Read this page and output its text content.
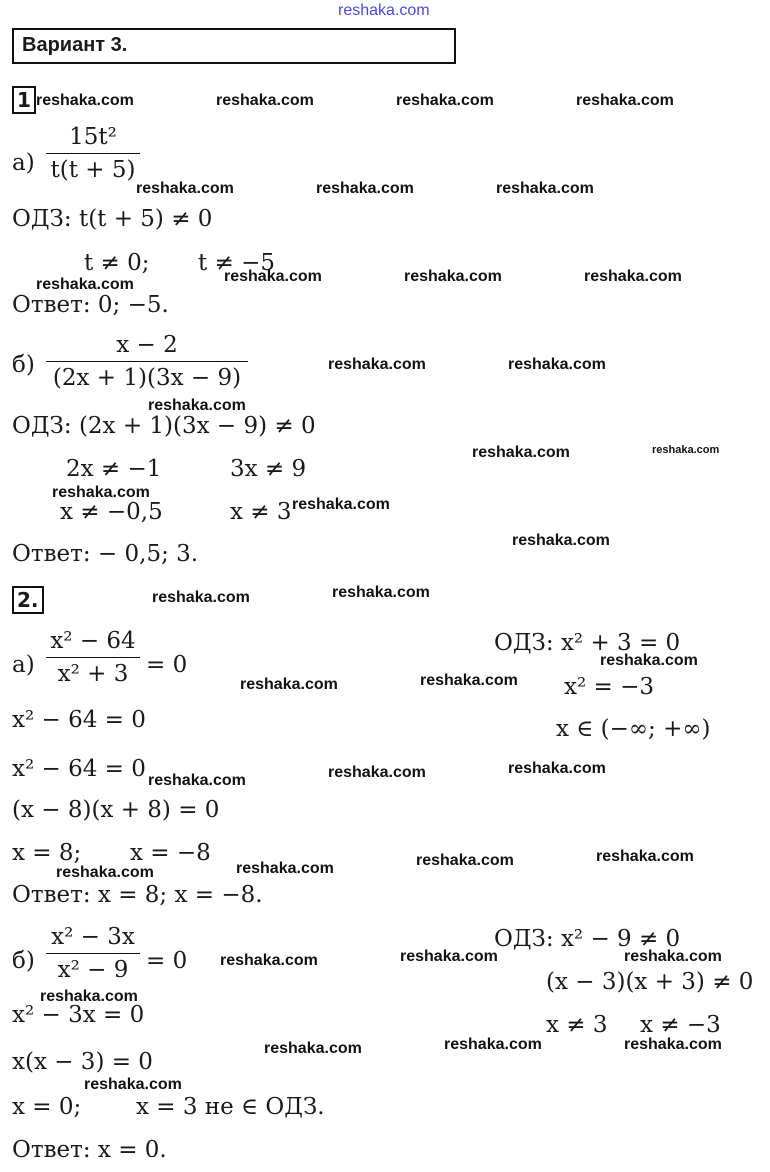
reshaka.com
Вариант 3.
1
а)
15t²
t(t + 5)
ОДЗ: t(t + 5) ≠ 0
t ≠ 0; t ≠ −5
Ответ: 0; −5.
б)
x − 2
(2x + 1)(3x − 9)
ОДЗ: (2x + 1)(3x − 9) ≠ 0
2x ≠ −1	3x ≠ 9
x ≠ −0,5	x ≠ 3
Ответ: − 0,5; 3.
2.
а)
x² − 64
x² + 3 = 0
ОДЗ: x² + 3 = 0
x² = −3
x ∈ (−∞; +∞)
x² − 64 = 0
x² − 64 = 0
(x − 8)(x + 8) = 0
x = 8; x = −8
Ответ: x = 8; x = −8.
б)
x² − 3x
x² − 9 = 0
ОДЗ: x² − 9 ≠ 0
(x − 3)(x + 3) ≠ 0
x ≠ 3 x ≠ −3
x² − 3x = 0
x(x − 3) = 0
x = 0; x = 3 не ∈ ОДЗ.
Ответ: x = 0.
reshaka.com	reshaka.com	reshaka.com	reshaka.com
reshaka.com	reshaka.com	reshaka.com
reshaka.com	reshaka.com	reshaka.com
reshaka.com
reshaka.com	reshaka.com
reshaka.com
reshaka.com	reshaka.com
reshaka.com
reshaka.com
reshaka.com
reshaka.com	reshaka.com
reshaka.com
reshaka.com	reshaka.com
reshaka.com	reshaka.com	reshaka.com
reshaka.com	reshaka.com	reshaka.com
reshaka.com
reshaka.com	reshaka.com	reshaka.com
reshaka.com
reshaka.com	reshaka.com	reshaka.com
reshaka.com
